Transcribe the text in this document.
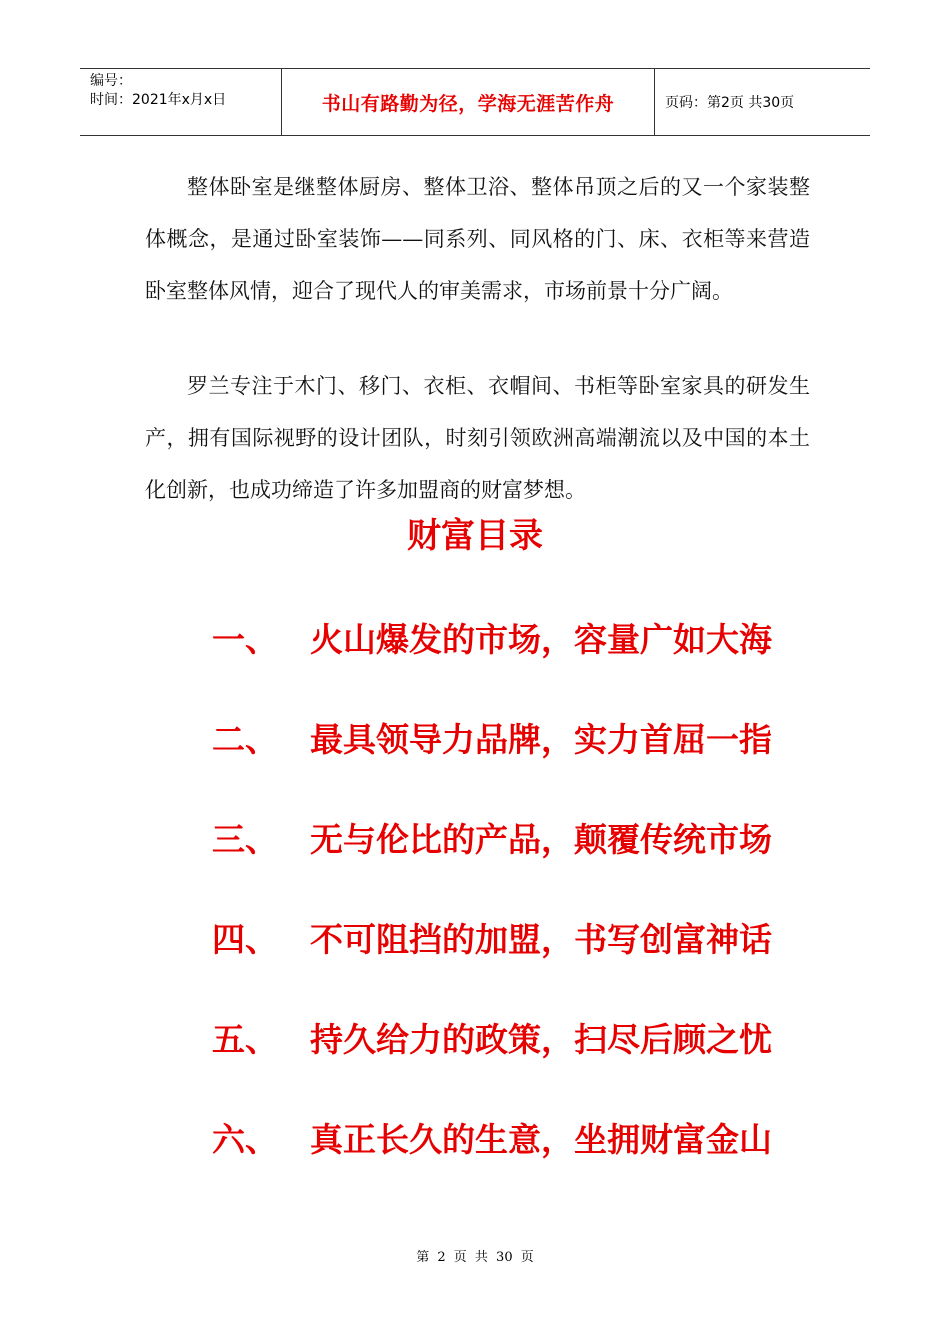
编号：
时间：2021年x月x日	书山有路勤为径，学海无涯苦作舟	页码：第2页 共30页

整体卧室是继整体厨房、整体卫浴、整体吊顶之后的又一个家装整体概念，是通过卧室装饰——同系列、同风格的门、床、衣柜等来营造卧室整体风情，迎合了现代人的审美需求，市场前景十分广阔。

罗兰专注于木门、移门、衣柜、衣帽间、书柜等卧室家具的研发生产，拥有国际视野的设计团队，时刻引领欧洲高端潮流以及中国的本土化创新，也成功缔造了许多加盟商的财富梦想。

财富目录
一、 火山爆发的市场，容量广如大海
二、 最具领导力品牌，实力首屈一指
三、 无与伦比的产品，颠覆传统市场
四、 不可阻挡的加盟，书写创富神话
五、 持久给力的政策，扫尽后顾之忧
六、 真正长久的生意，坐拥财富金山
第 2 页 共 30 页
